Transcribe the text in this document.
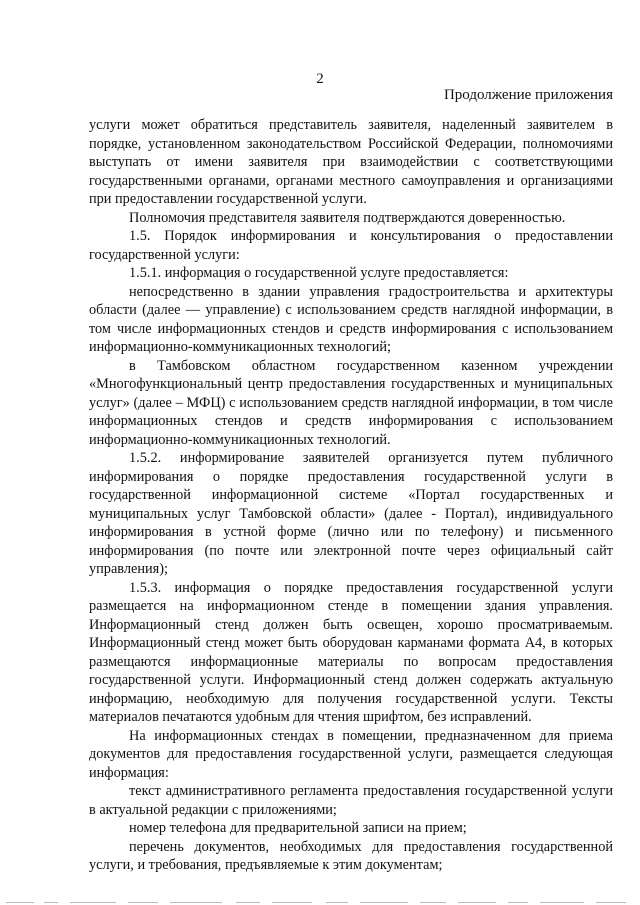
2
Продолжение приложения

услуги может обратиться представитель заявителя, наделенный заявителем в порядке, установленном законодательством Российской Федерации, полномочиями выступать от имени заявителя при взаимодействии с соответствующими государственными органами, органами местного самоуправления и организациями при предоставлении государственной услуги.

Полномочия представителя заявителя подтверждаются доверенностью.

1.5. Порядок информирования и консультирования о предоставлении государственной услуги:

1.5.1. информация о государственной услуге предоставляется:

непосредственно в здании управления градостроительства и архитектуры области (далее — управление) с использованием средств наглядной информации, в том числе информационных стендов и средств информирования с использованием информационно-коммуникационных технологий;

в Тамбовском областном государственном казенном учреждении «Многофункциональный центр предоставления государственных и муниципальных услуг» (далее – МФЦ) с использованием средств наглядной информации, в том числе информационных стендов и средств информирования с использованием информационно-коммуникационных технологий.

1.5.2. информирование заявителей организуется путем публичного информирования о порядке предоставления государственной услуги в государственной информационной системе «Портал государственных и муниципальных услуг Тамбовской области» (далее - Портал), индивидуального информирования в устной форме (лично или по телефону) и письменного информирования (по почте или электронной почте через официальный сайт управления);

1.5.3. информация о порядке предоставления государственной услуги размещается на информационном стенде в помещении здания управления. Информационный стенд должен быть освещен, хорошо просматриваемым. Информационный стенд может быть оборудован карманами формата А4, в которых размещаются информационные материалы по вопросам предоставления государственной услуги. Информационный стенд должен содержать актуальную информацию, необходимую для получения государственной услуги. Тексты материалов печатаются удобным для чтения шрифтом, без исправлений.

На информационных стендах в помещении, предназначенном для приема документов для предоставления государственной услуги, размещается следующая информация:

текст административного регламента предоставления государственной услуги в актуальной редакции с приложениями;

номер телефона для предварительной записи на прием;

перечень документов, необходимых для предоставления государственной услуги, и требования, предъявляемые к этим документам;
